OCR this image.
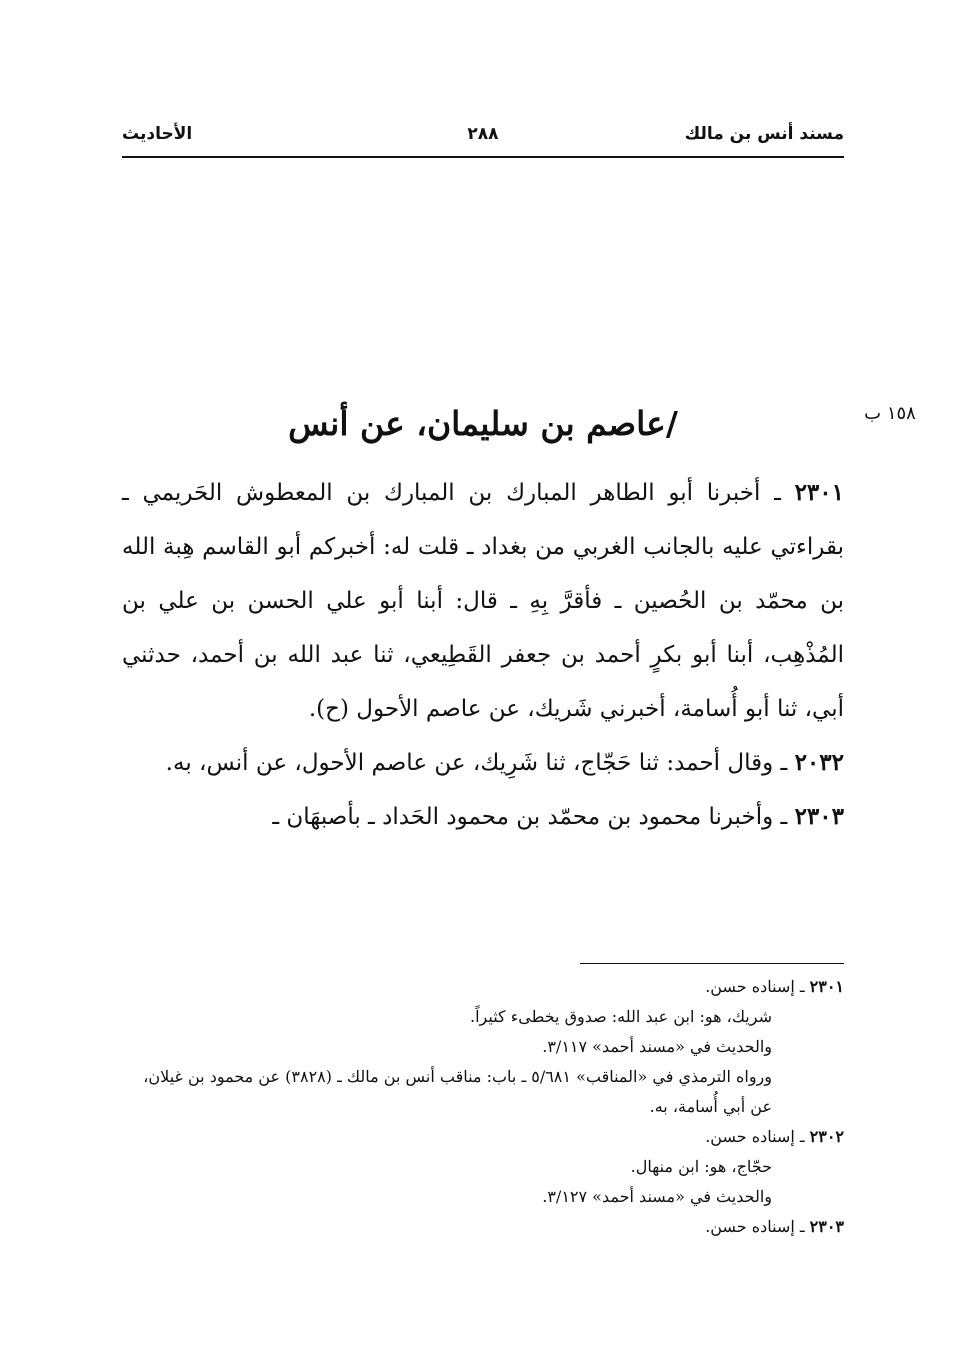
مسند أنس بن مالك
٢٨٨
الأحاديث
١٥٨ ب
/عاصم بن سليمان، عن أنس

٢٣٠١ ـ أخبرنا أبو الطاهر المبارك بن المبارك بن المعطوش الحَريمي ـ بقراءتي عليه بالجانب الغربي من بغداد ـ قلت له: أخبركم أبو القاسم هِبة الله بن محمّد بن الحُصين ـ فأقرَّ بِهِ ـ قال: أبنا أبو علي الحسن بن علي بن المُذْهِب، أبنا أبو بكرٍ أحمد بن جعفر القَطِيعي، ثنا عبد الله بن أحمد، حدثني أبي، ثنا أبو أُسامة، أخبرني شَريك، عن عاصم الأحول (ح).

٢٠٣٢ ـ وقال أحمد: ثنا حَجّاج، ثنا شَرِيك، عن عاصم الأحول، عن أنس، به.

٢٣٠٣ ـ وأخبرنا محمود بن محمّد بن محمود الحَداد ـ بأصبهَان ـ

٢٣٠١ ـ إسناده حسن.

شريك، هو: ابن عبد الله: صدوق يخطىء كثيراً.

والحديث في «مسند أحمد» ٣/١١٧.

ورواه الترمذي في «المناقب» ٥/٦٨١ ـ باب: مناقب أنس بن مالك ـ (٣٨٢٨) عن محمود بن غيلان، عن أبي أُسامة، به.

٢٣٠٢ ـ إسناده حسن.

حجّاج، هو: ابن منهال.

والحديث في «مسند أحمد» ٣/١٢٧.

٢٣٠٣ ـ إسناده حسن.
